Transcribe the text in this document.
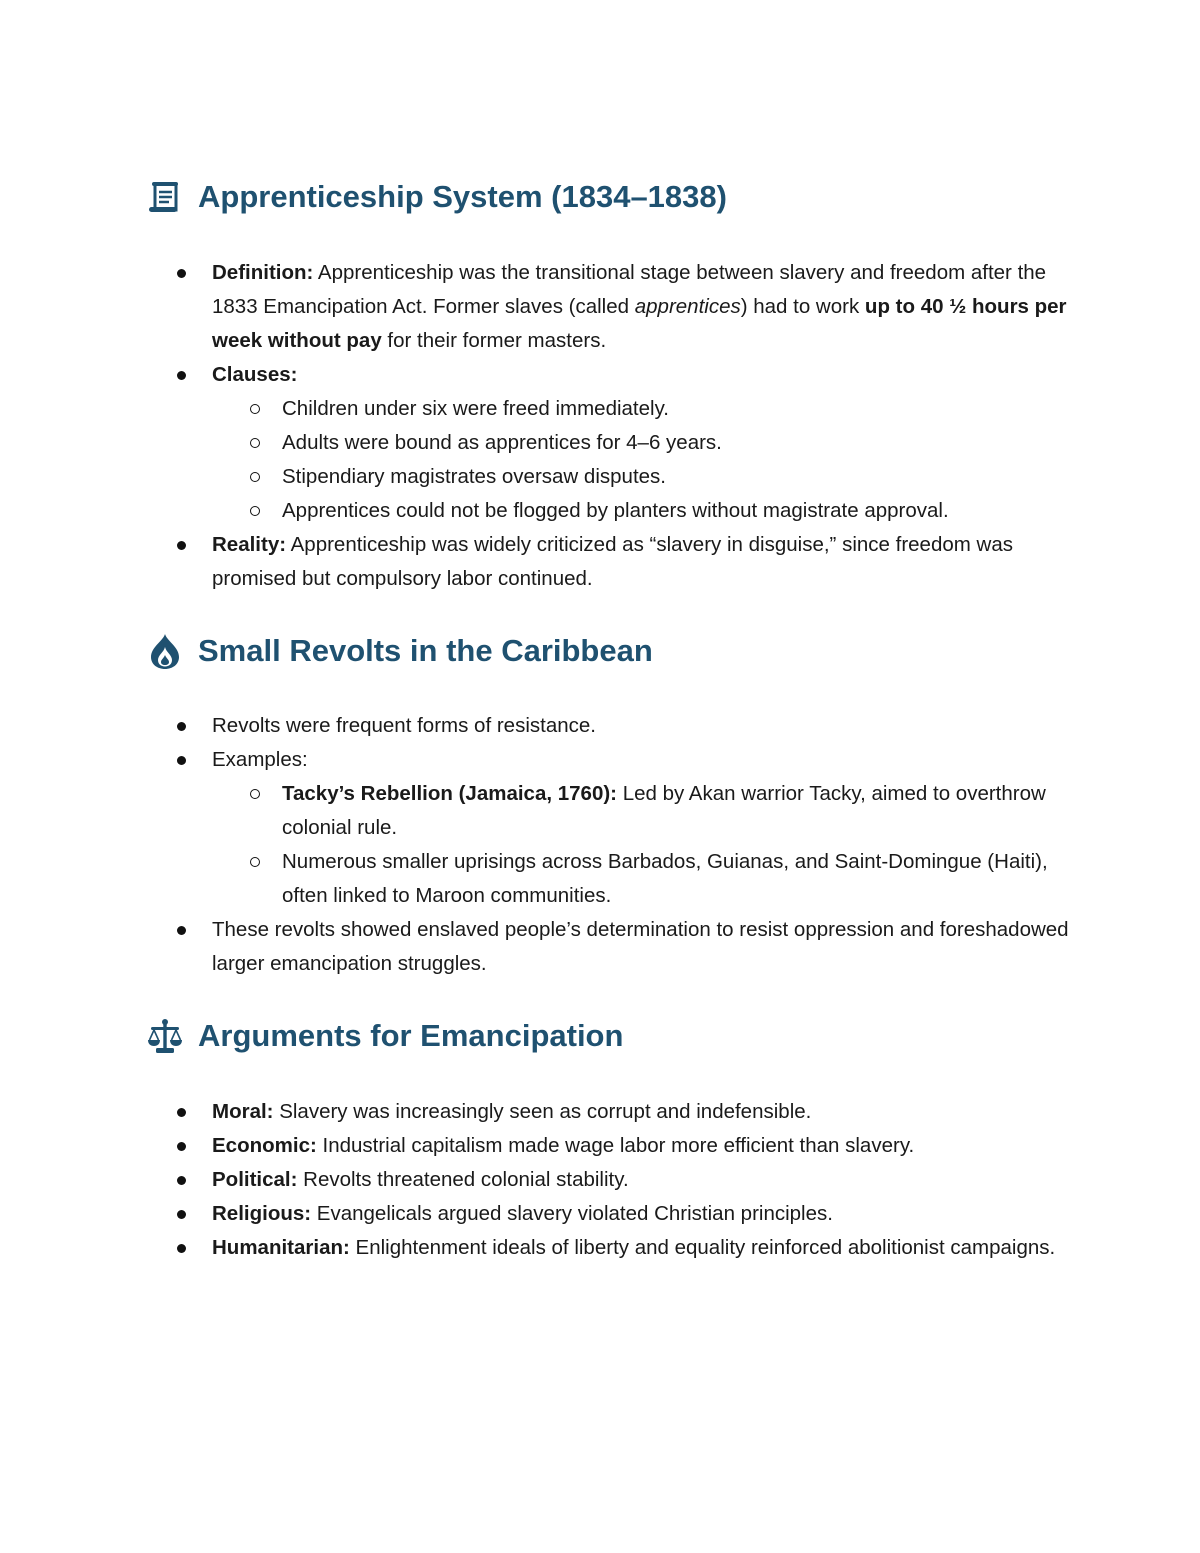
Apprenticeship System (1834–1838)
Definition: Apprenticeship was the transitional stage between slavery and freedom after the 1833 Emancipation Act. Former slaves (called apprentices) had to work up to 40 ½ hours per week without pay for their former masters.
Clauses:
Children under six were freed immediately.
Adults were bound as apprentices for 4–6 years.
Stipendiary magistrates oversaw disputes.
Apprentices could not be flogged by planters without magistrate approval.
Reality: Apprenticeship was widely criticized as “slavery in disguise,” since freedom was promised but compulsory labor continued.
Small Revolts in the Caribbean
Revolts were frequent forms of resistance.
Examples:
Tacky’s Rebellion (Jamaica, 1760): Led by Akan warrior Tacky, aimed to overthrow colonial rule.
Numerous smaller uprisings across Barbados, Guianas, and Saint-Domingue (Haiti), often linked to Maroon communities.
These revolts showed enslaved people’s determination to resist oppression and foreshadowed larger emancipation struggles.
Arguments for Emancipation
Moral: Slavery was increasingly seen as corrupt and indefensible.
Economic: Industrial capitalism made wage labor more efficient than slavery.
Political: Revolts threatened colonial stability.
Religious: Evangelicals argued slavery violated Christian principles.
Humanitarian: Enlightenment ideals of liberty and equality reinforced abolitionist campaigns.
